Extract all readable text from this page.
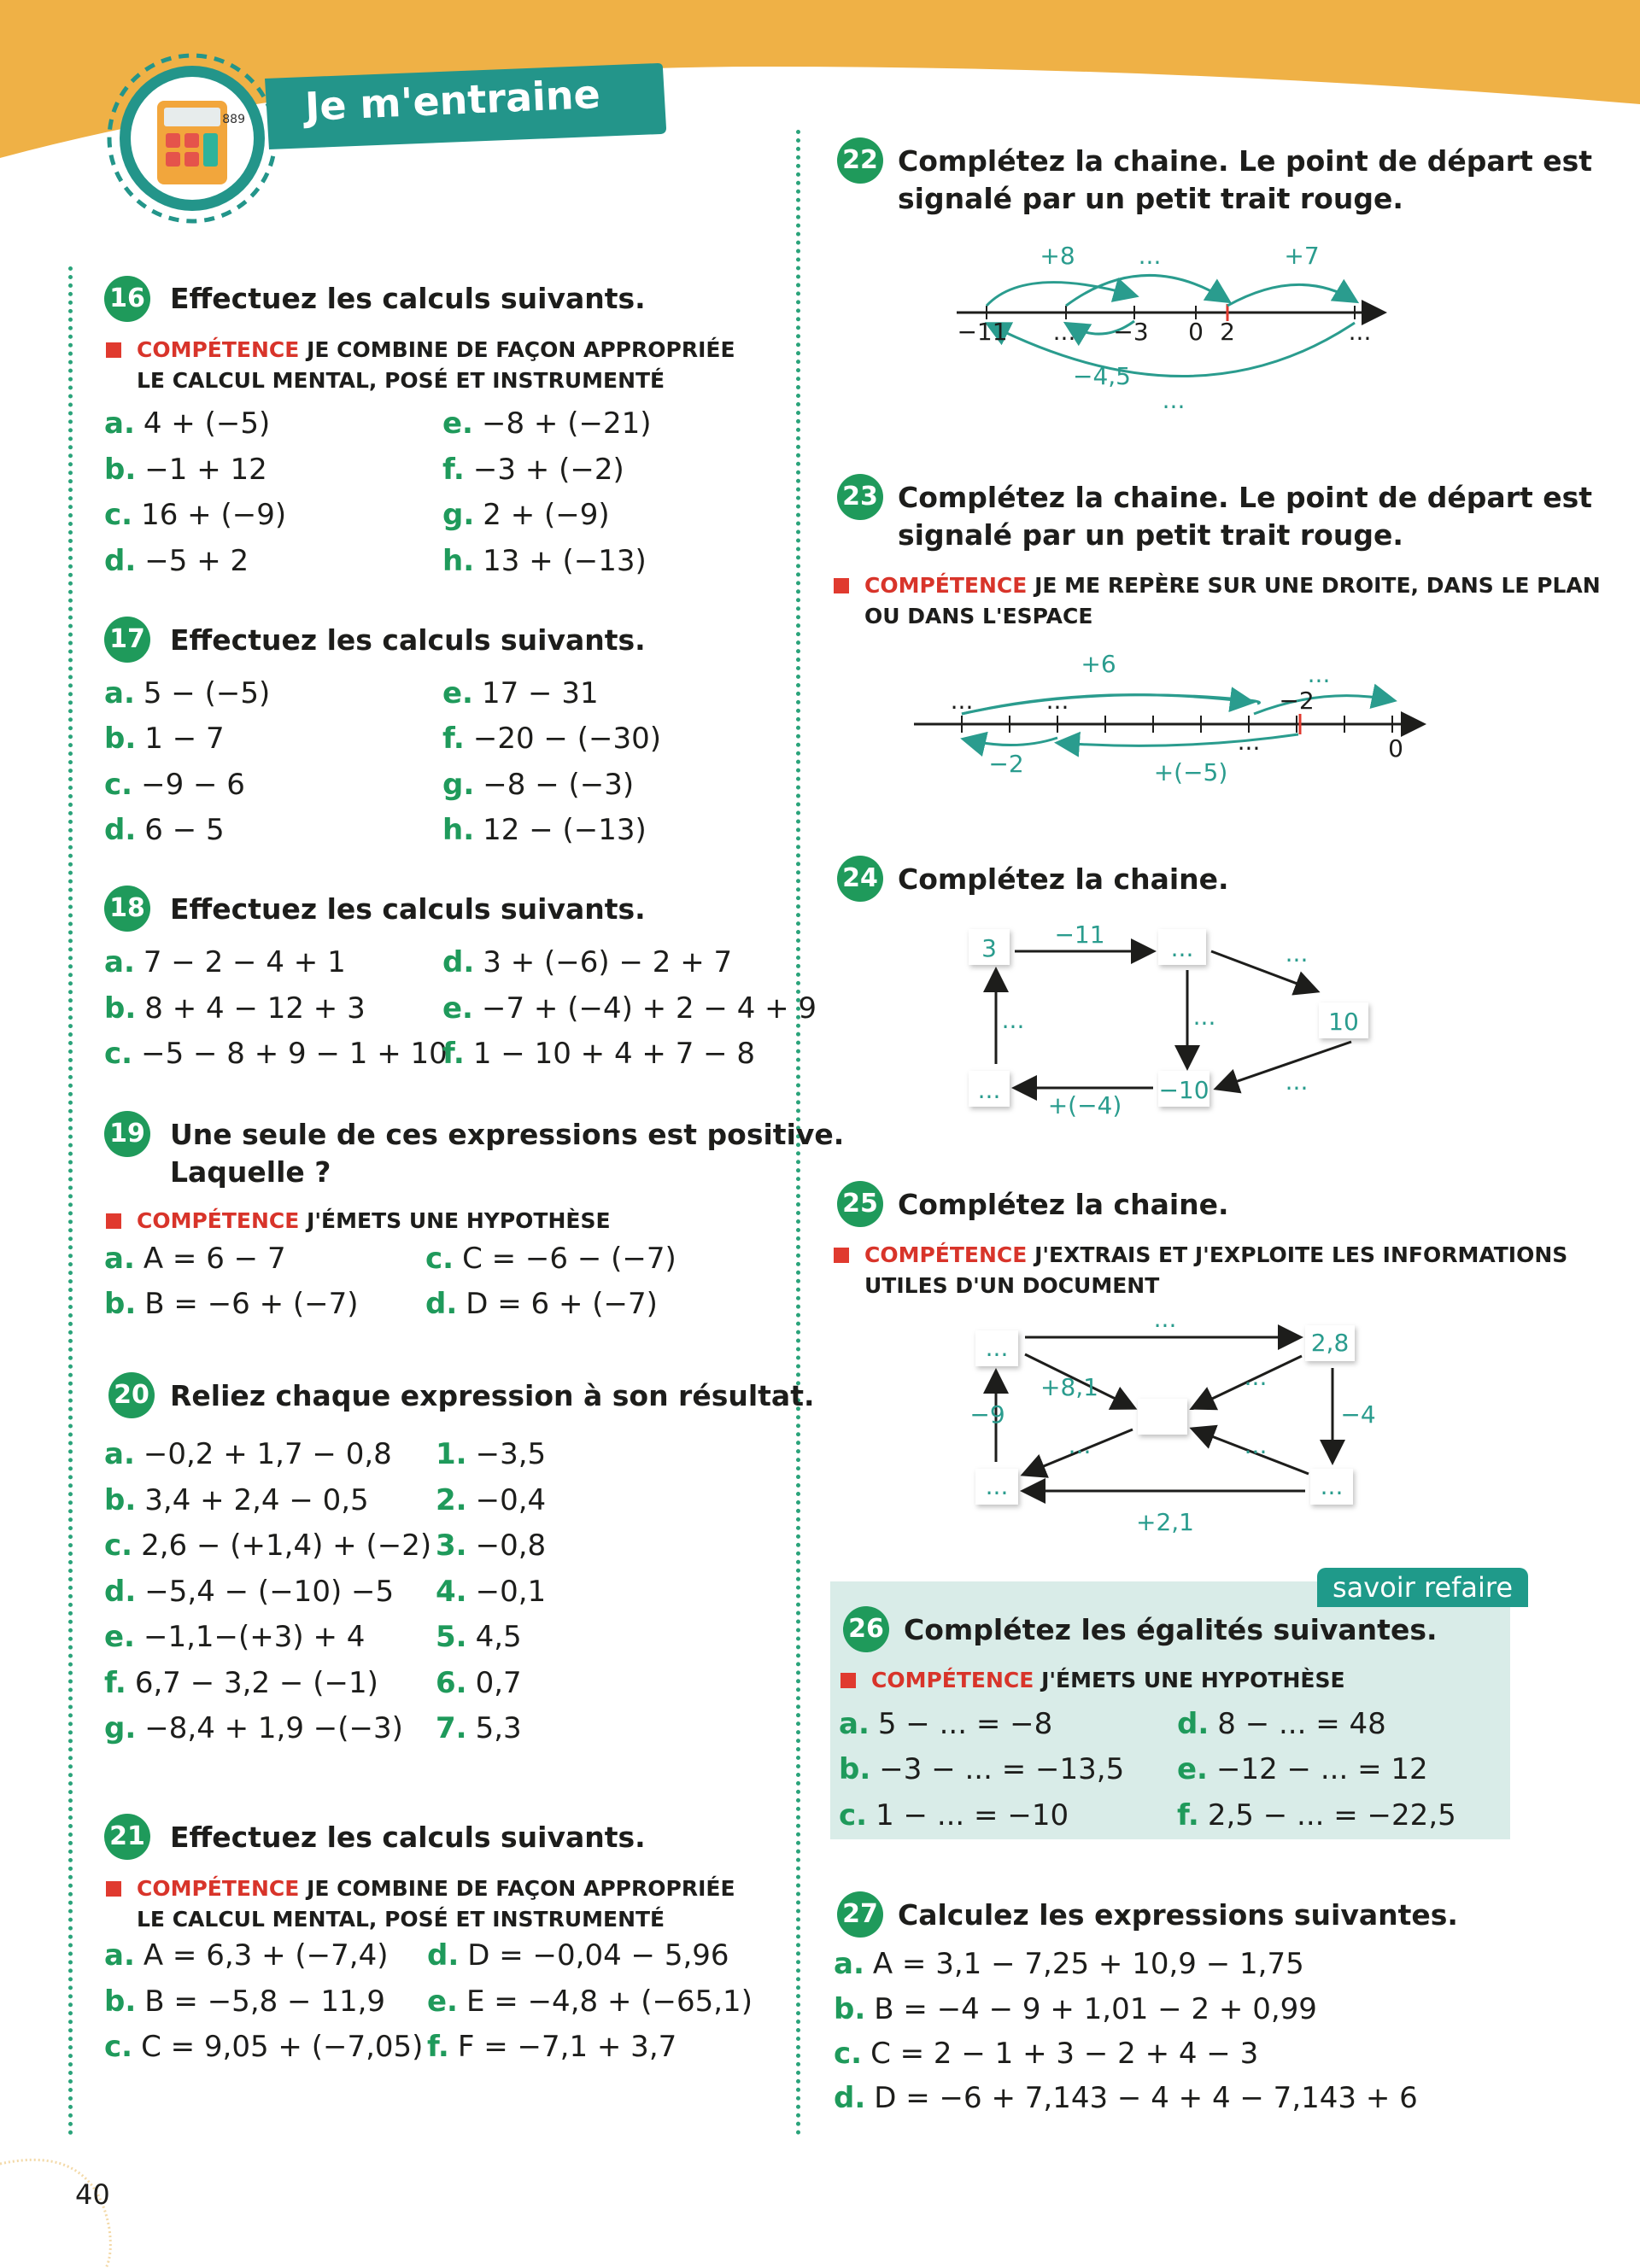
889 Je m'entraine
16 Effectuez les calculs suivants.
COMPÉTENCE JE COMBINE DE FAÇON APPROPRIÉE
LE CALCUL MENTAL, POSÉ ET INSTRUMENTÉ
a. 4 + (−5)
b. −1 + 12
c. 16 + (−9)
d. −5 + 2
e. −8 + (−21)
f. −3 + (−2)
g. 2 + (−9)
h. 13 + (−13)
17 Effectuez les calculs suivants.
a. 5 − (−5)
b. 1 − 7
c. −9 − 6
d. 6 − 5
e. 17 − 31
f. −20 − (−30)
g. −8 − (−3)
h. 12 − (−13)
18 Effectuez les calculs suivants.
a. 7 − 2 − 4 + 1
b. 8 + 4 − 12 + 3
c. −5 − 8 + 9 − 1 + 10
d. 3 + (−6) − 2 + 7
e. −7 + (−4) + 2 − 4 + 9
f. 1 − 10 + 4 + 7 − 8
19 Une seule de ces expressions est positive.
Laquelle ?
COMPÉTENCE J'ÉMETS UNE HYPOTHÈSE
a. A = 6 − 7
b. B = −6 + (−7)
c. C = −6 − (−7)
d. D = 6 + (−7)
20 Reliez chaque expression à son résultat.
a. −0,2 + 1,7 − 0,8
b. 3,4 + 2,4 − 0,5
c. 2,6 − (+1,4) + (−2)
d. −5,4 − (−10) −5
e. −1,1−(+3) + 4
f. 6,7 − 3,2 − (−1)
g. −8,4 + 1,9 −(−3)
1. −3,5
2. −0,4
3. −0,8
4. −0,1
5. 4,5
6. 0,7
7. 5,3
21 Effectuez les calculs suivants.
COMPÉTENCE JE COMBINE DE FAÇON APPROPRIÉE
LE CALCUL MENTAL, POSÉ ET INSTRUMENTÉ
a. A = 6,3 + (−7,4)
b. B = −5,8 − 11,9
c. C = 9,05 + (−7,05)
d. D = −0,04 − 5,96
e. E = −4,8 + (−65,1)
f. F = −7,1 + 3,7
22 Complétez la chaine. Le point de départ est
signalé par un petit trait rouge.
+8	...	+7
−11 ... −3 0 2	...
−4,5
...
23 Complétez la chaine. Le point de départ est
signalé par un petit trait rouge.
COMPÉTENCE JE ME REPÈRE SUR UNE DROITE, DANS LE PLAN
OU DANS L'ESPACE
+6	...
...	...	−2
...	0
−2	+(−5)
24 Complétez la chaine.
3	...
10
−10
...
−11
...
...
...
+(−4)
...
25 Complétez la chaine.
COMPÉTENCE J'EXTRAIS ET J'EXPLOITE LES INFORMATIONS
UTILES D'UN DOCUMENT
...	2,8
...	...
...
+8,1	...
−9	−4
...	...
+2,1
savoir refaire
26 Complétez les égalités suivantes.
COMPÉTENCE J'ÉMETS UNE HYPOTHÈSE
a. 5 − ... = −8
b. −3 − ... = −13,5
c. 1 − ... = −10
d. 8 − ... = 48
e. −12 − ... = 12
f. 2,5 − ... = −22,5
27 Calculez les expressions suivantes.
a. A = 3,1 − 7,25 + 10,9 − 1,75
b. B = −4 − 9 + 1,01 − 2 + 0,99
c. C = 2 − 1 + 3 − 2 + 4 − 3
d. D = −6 + 7,143 − 4 + 4 − 7,143 + 6
40
